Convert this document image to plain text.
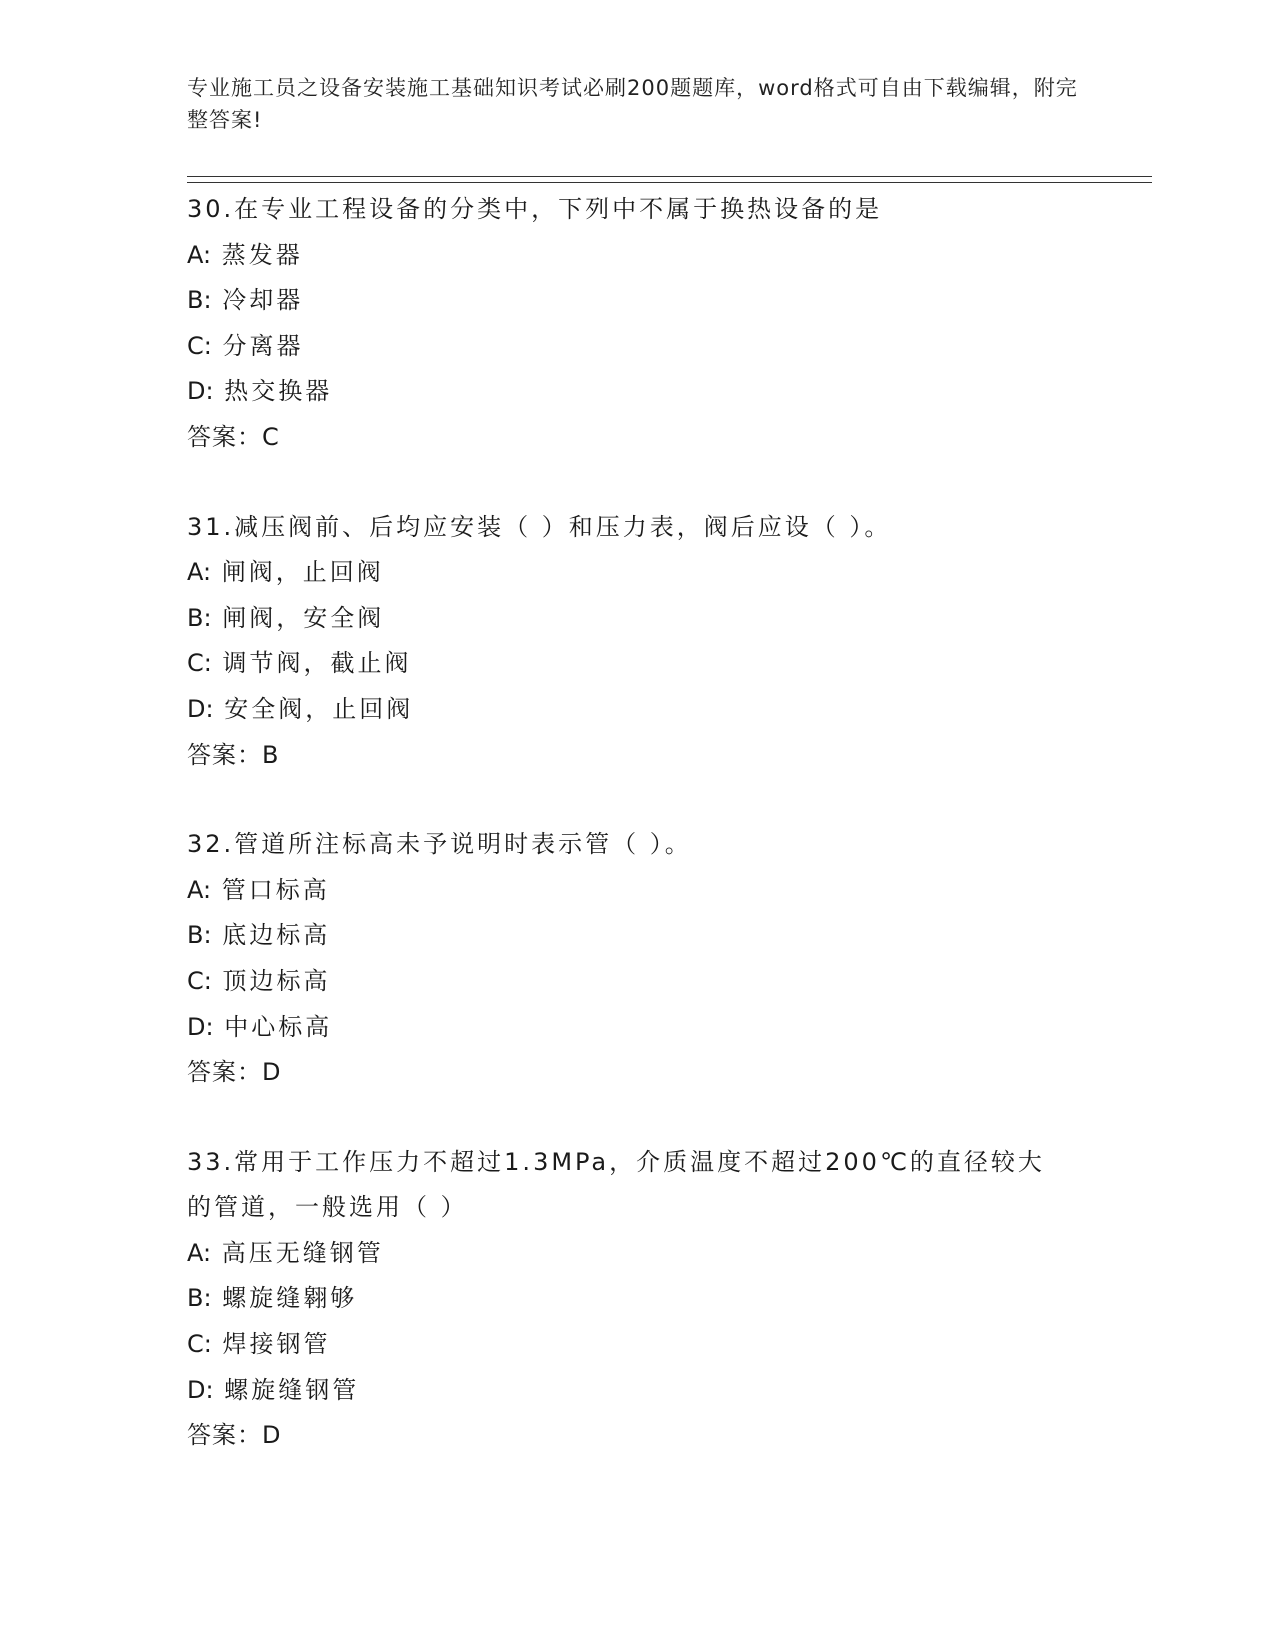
专业施工员之设备安装施工基础知识考试必刷200题题库，word格式可自由下载编辑，附完整答案!
30.在专业工程设备的分类中，下列中不属于换热设备的是
A: 蒸发器
B: 冷却器
C: 分离器
D: 热交换器
答案：C
31.减压阀前、后均应安装（ ）和压力表，阀后应设（ ）。
A: 闸阀，止回阀
B: 闸阀，安全阀
C: 调节阀，截止阀
D: 安全阀，止回阀
答案：B
32.管道所注标高未予说明时表示管（ ）。
A: 管口标高
B: 底边标高
C: 顶边标高
D: 中心标高
答案：D
33.常用于工作压力不超过1.3MPa，介质温度不超过200℃的直径较大的管道，一般选用（ ）
A: 高压无缝钢管
B: 螺旋缝翱够
C: 焊接钢管
D: 螺旋缝钢管
答案：D
